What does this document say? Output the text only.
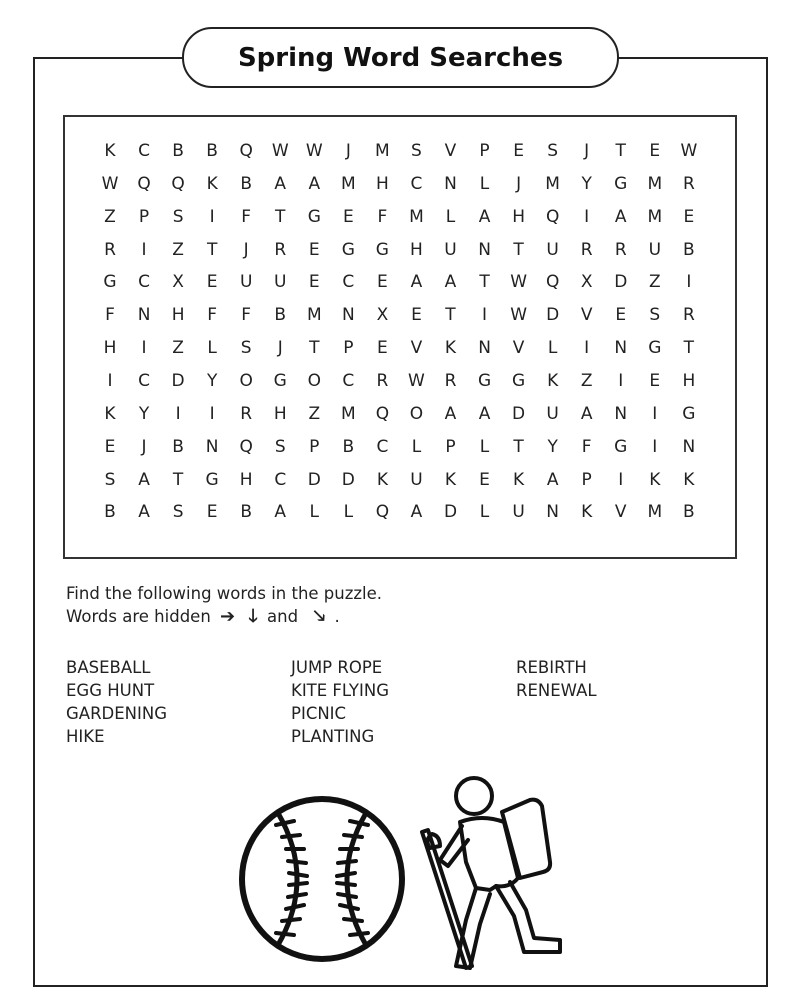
Spring Word Searches
K	C	B	B	Q	W	W	J	M	S	V	P	E	S	J	T	E	W
W	Q	Q	K	B	A	A	M	H	C	N	L	J	M	Y	G	M	R
Z	P	S	I	F	T	G	E	F	M	L	A	H	Q	I	A	M	E
R	I	Z	T	J	R	E	G	G	H	U	N	T	U	R	R	U	B
G	C	X	E	U	U	E	C	E	A	A	T	W	Q	X	D	Z	I
F	N	H	F	F	B	M	N	X	E	T	I	W	D	V	E	S	R
H	I	Z	L	S	J	T	P	E	V	K	N	V	L	I	N	G	T
I	C	D	Y	O	G	O	C	R	W	R	G	G	K	Z	I	E	H
K	Y	I	I	R	H	Z	M	Q	O	A	A	D	U	A	N	I	G
E	J	B	N	Q	S	P	B	C	L	P	L	T	Y	F	G	I	N
S	A	T	G	H	C	D	D	K	U	K	E	K	A	P	I	K	K
B	A	S	E	B	A	L	L	Q	A	D	L	U	N	K	V	M	B
Find the following words in the puzzle.
Words are hidden ➔ 🡓 and 🡖 .
BASEBALL
EGG HUNT
GARDENING
HIKE
JUMP ROPE
KITE FLYING
PICNIC
PLANTING
REBIRTH
RENEWAL
